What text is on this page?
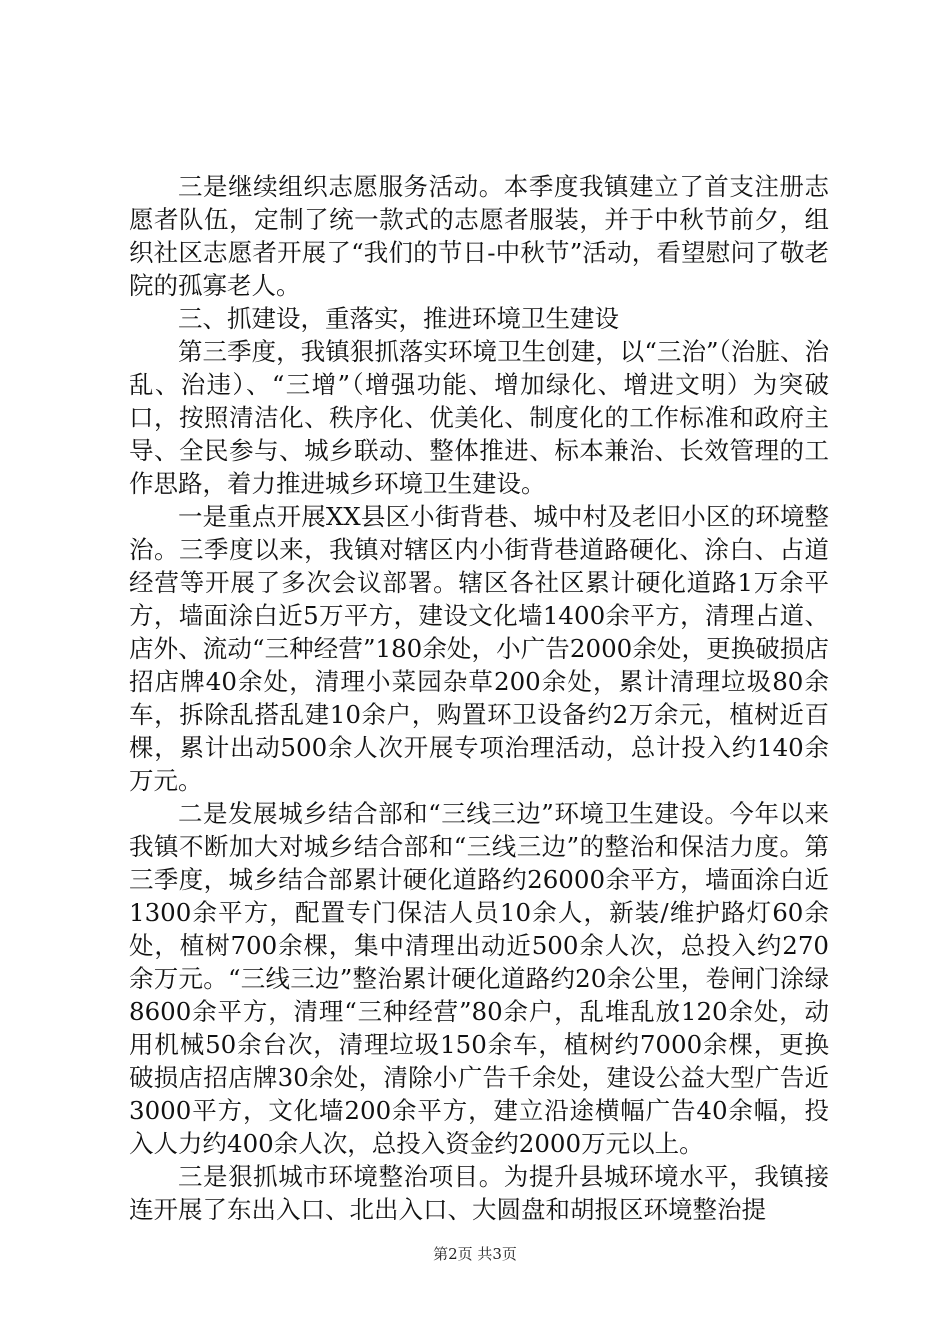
三是继续组织志愿服务活动。本季度我镇建立了首支注册志愿者队伍，定制了统一款式的志愿者服装，并于中秋节前夕，组织社区志愿者开展了“我们的节日-中秋节”活动，看望慰问了敬老院的孤寡老人。

三、抓建设，重落实，推进环境卫生建设

第三季度，我镇狠抓落实环境卫生创建，以“三治”（治脏、治乱、治违）、“三增”（增强功能、增加绿化、增进文明）为突破口，按照清洁化、秩序化、优美化、制度化的工作标准和政府主导、全民参与、城乡联动、整体推进、标本兼治、长效管理的工作思路，着力推进城乡环境卫生建设。

一是重点开展XX县区小街背巷、城中村及老旧小区的环境整治。三季度以来，我镇对辖区内小街背巷道路硬化、涂白、占道经营等开展了多次会议部署。辖区各社区累计硬化道路1万余平方，墙面涂白近5万平方，建设文化墙1400余平方，清理占道、店外、流动“三种经营”180余处，小广告2000余处，更换破损店招店牌40余处，清理小菜园杂草200余处，累计清理垃圾80余车，拆除乱搭乱建10余户，购置环卫设备约2万余元，植树近百棵，累计出动500余人次开展专项治理活动，总计投入约140余万元。

二是发展城乡结合部和“三线三边”环境卫生建设。今年以来我镇不断加大对城乡结合部和“三线三边”的整治和保洁力度。第三季度，城乡结合部累计硬化道路约26000余平方，墙面涂白近1300余平方，配置专门保洁人员10余人，新装/维护路灯60余处，植树700余棵，集中清理出动近500余人次，总投入约270余万元。“三线三边”整治累计硬化道路约20余公里，卷闸门涂绿8600余平方，清理“三种经营”80余户，乱堆乱放120余处，动用机械50余台次，清理垃圾150余车，植树约7000余棵，更换破损店招店牌30余处，清除小广告千余处，建设公益大型广告近3000平方，文化墙200余平方，建立沿途横幅广告40余幅，投入人力约400余人次，总投入资金约2000万元以上。

三是狠抓城市环境整治项目。为提升县城环境水平，我镇接连开展了东出入口、北出入口、大圆盘和胡报区环境整治提

第2页 共3页
